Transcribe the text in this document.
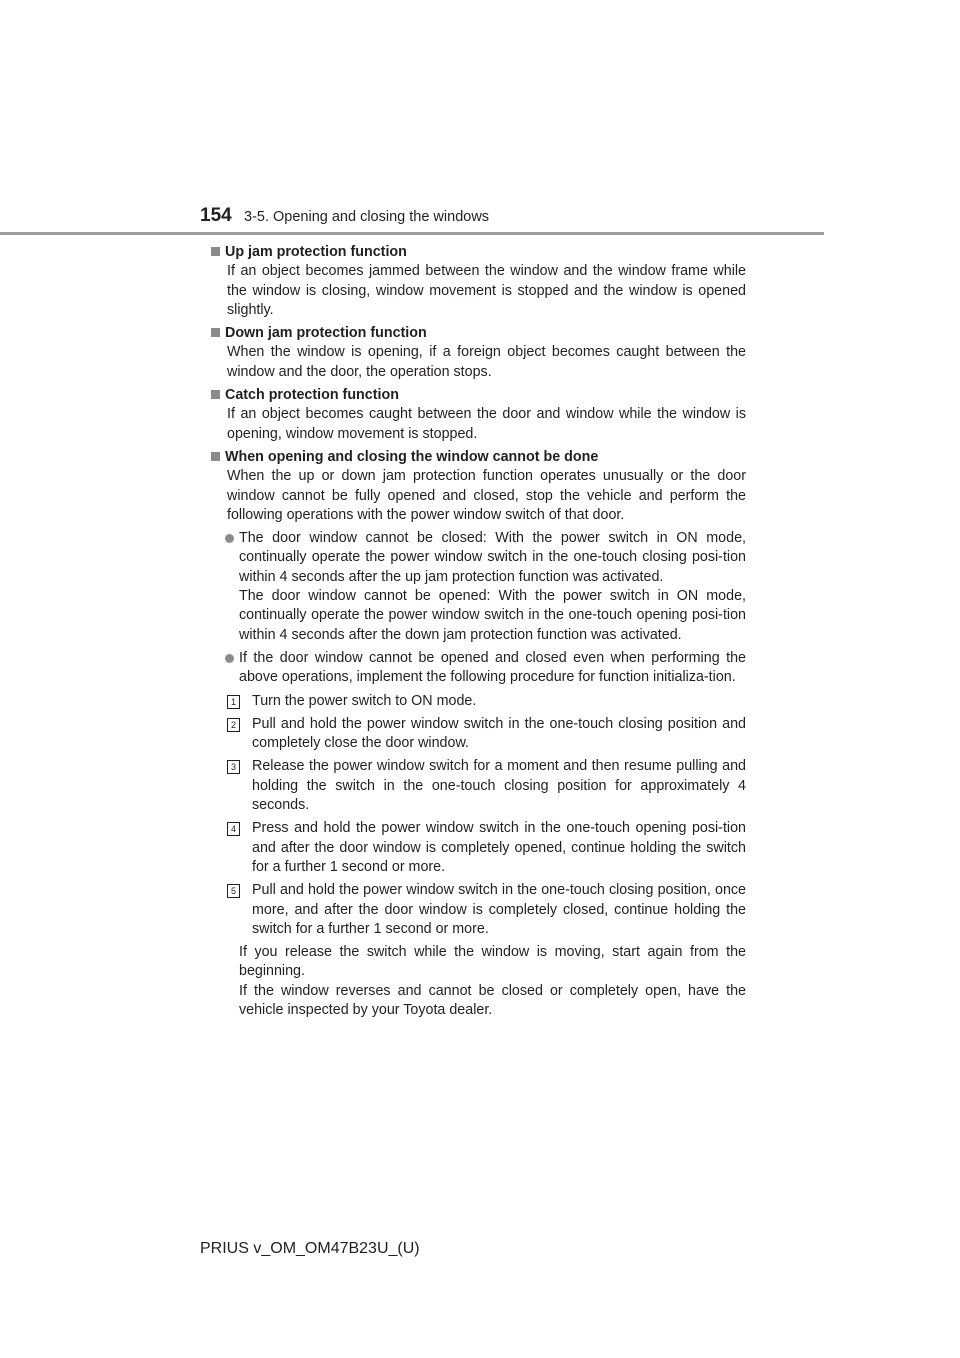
154 3-5. Opening and closing the windows
Up jam protection function
If an object becomes jammed between the window and the window frame while the window is closing, window movement is stopped and the window is opened slightly.
Down jam protection function
When the window is opening, if a foreign object becomes caught between the window and the door, the operation stops.
Catch protection function
If an object becomes caught between the door and window while the window is opening, window movement is stopped.
When opening and closing the window cannot be done
When the up or down jam protection function operates unusually or the door window cannot be fully opened and closed, stop the vehicle and perform the following operations with the power window switch of that door.

The door window cannot be closed: With the power switch in ON mode, continually operate the power window switch in the one-touch closing posi-tion within 4 seconds after the up jam protection function was activated.

The door window cannot be opened: With the power switch in ON mode, continually operate the power window switch in the one-touch opening posi-tion within 4 seconds after the down jam protection function was activated.

If the door window cannot be opened and closed even when performing the above operations, implement the following procedure for function initializa-tion.

1 Turn the power switch to ON mode.
2 Pull and hold the power window switch in the one-touch closing position and completely close the door window.
3 Release the power window switch for a moment and then resume pulling and holding the switch in the one-touch closing position for approximately 4 seconds.
4 Press and hold the power window switch in the one-touch opening posi-tion and after the door window is completely opened, continue holding the switch for a further 1 second or more.
5 Pull and hold the power window switch in the one-touch closing position, once more, and after the door window is completely closed, continue holding the switch for a further 1 second or more.

If you release the switch while the window is moving, start again from the beginning.

If the window reverses and cannot be closed or completely open, have the vehicle inspected by your Toyota dealer.

PRIUS v_OM_OM47B23U_(U)
